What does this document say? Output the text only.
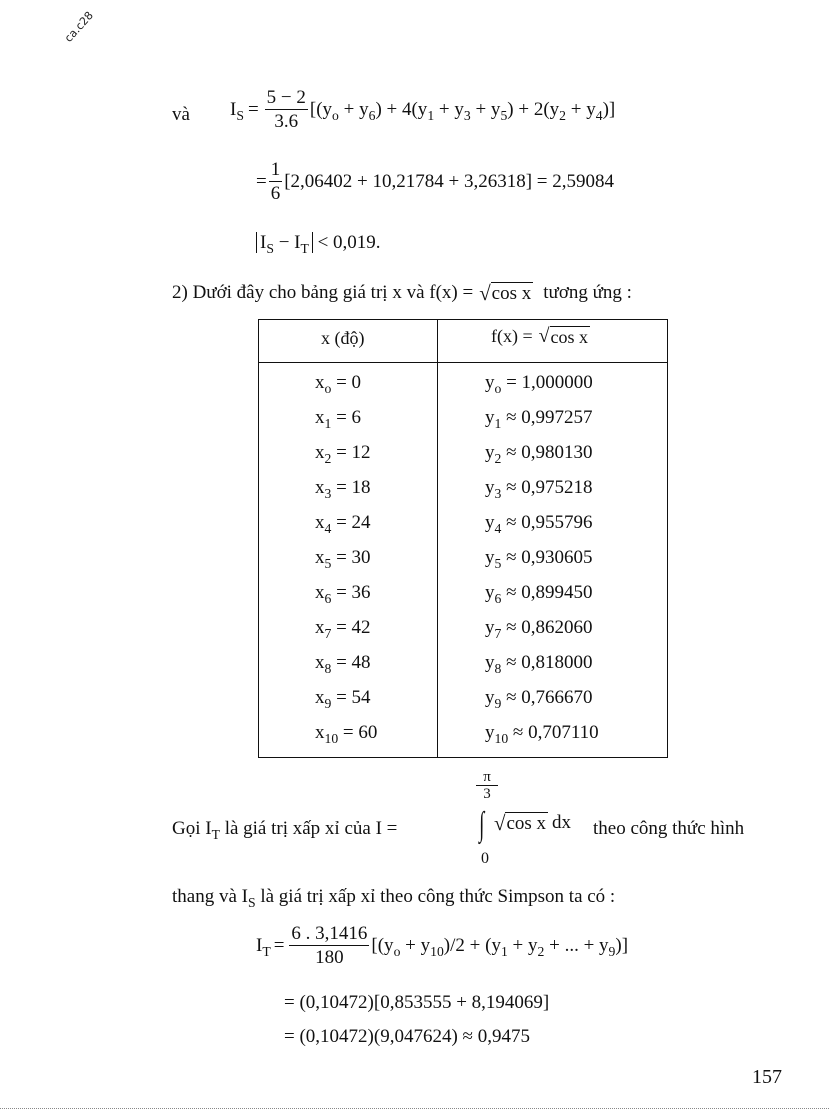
ca.c28
và $I_S = \frac{5 - 2}{3.6} [(y_o + y_6) + 4(y_1 + y_3 + y_5) + 2(y_2 + y_4)]$
= $\frac{1}{6} [2,06402 + 10,21784 + 3,26318] = 2,59084$
$I_S - I_T < 0,019$.
2) Dưới đây cho bảng giá trị x và f(x) = √ cos x tương ứng :
x (độ)	f(x) = √ cos x
$x_o = 0$	$y_o = 1,000000$
$x_1 = 6$	$y_1 \approx 0,997257$
$x_2 = 12$	$y_2 \approx 0,980130$
$x_3 = 18$	$y_3 \approx 0,975218$
$x_4 = 24$	$y_4 \approx 0,955796$
$x_5 = 30$	$y_5 \approx 0,930605$
$x_6 = 36$	$y_6 \approx 0,899450$
$x_7 = 42$	$y_7 \approx 0,862060$
$x_8 = 48$	$y_8 \approx 0,818000$
$x_9 = 54$	$y_9 \approx 0,766670$
$x_{10} = 60$	$y_{10} \approx 0,707110$
Gọi $I_T$ là giá trị xấp xỉ của I =
$\frac{\pi}{3}$
∫
0
√ cos x dx theo công thức hình
thang và $I_S$ là giá trị xấp xỉ theo công thức Simpson ta có :
$I_T = \frac{6 . 3,1416}{180} [(y_o + y_{10})/2 + (y_1 + y_2$ + ... + $y_9$)]
= (0,10472)[0,853555 + 8,194069]
= (0,10472)(9,047624) ≈ 0,9475
157
